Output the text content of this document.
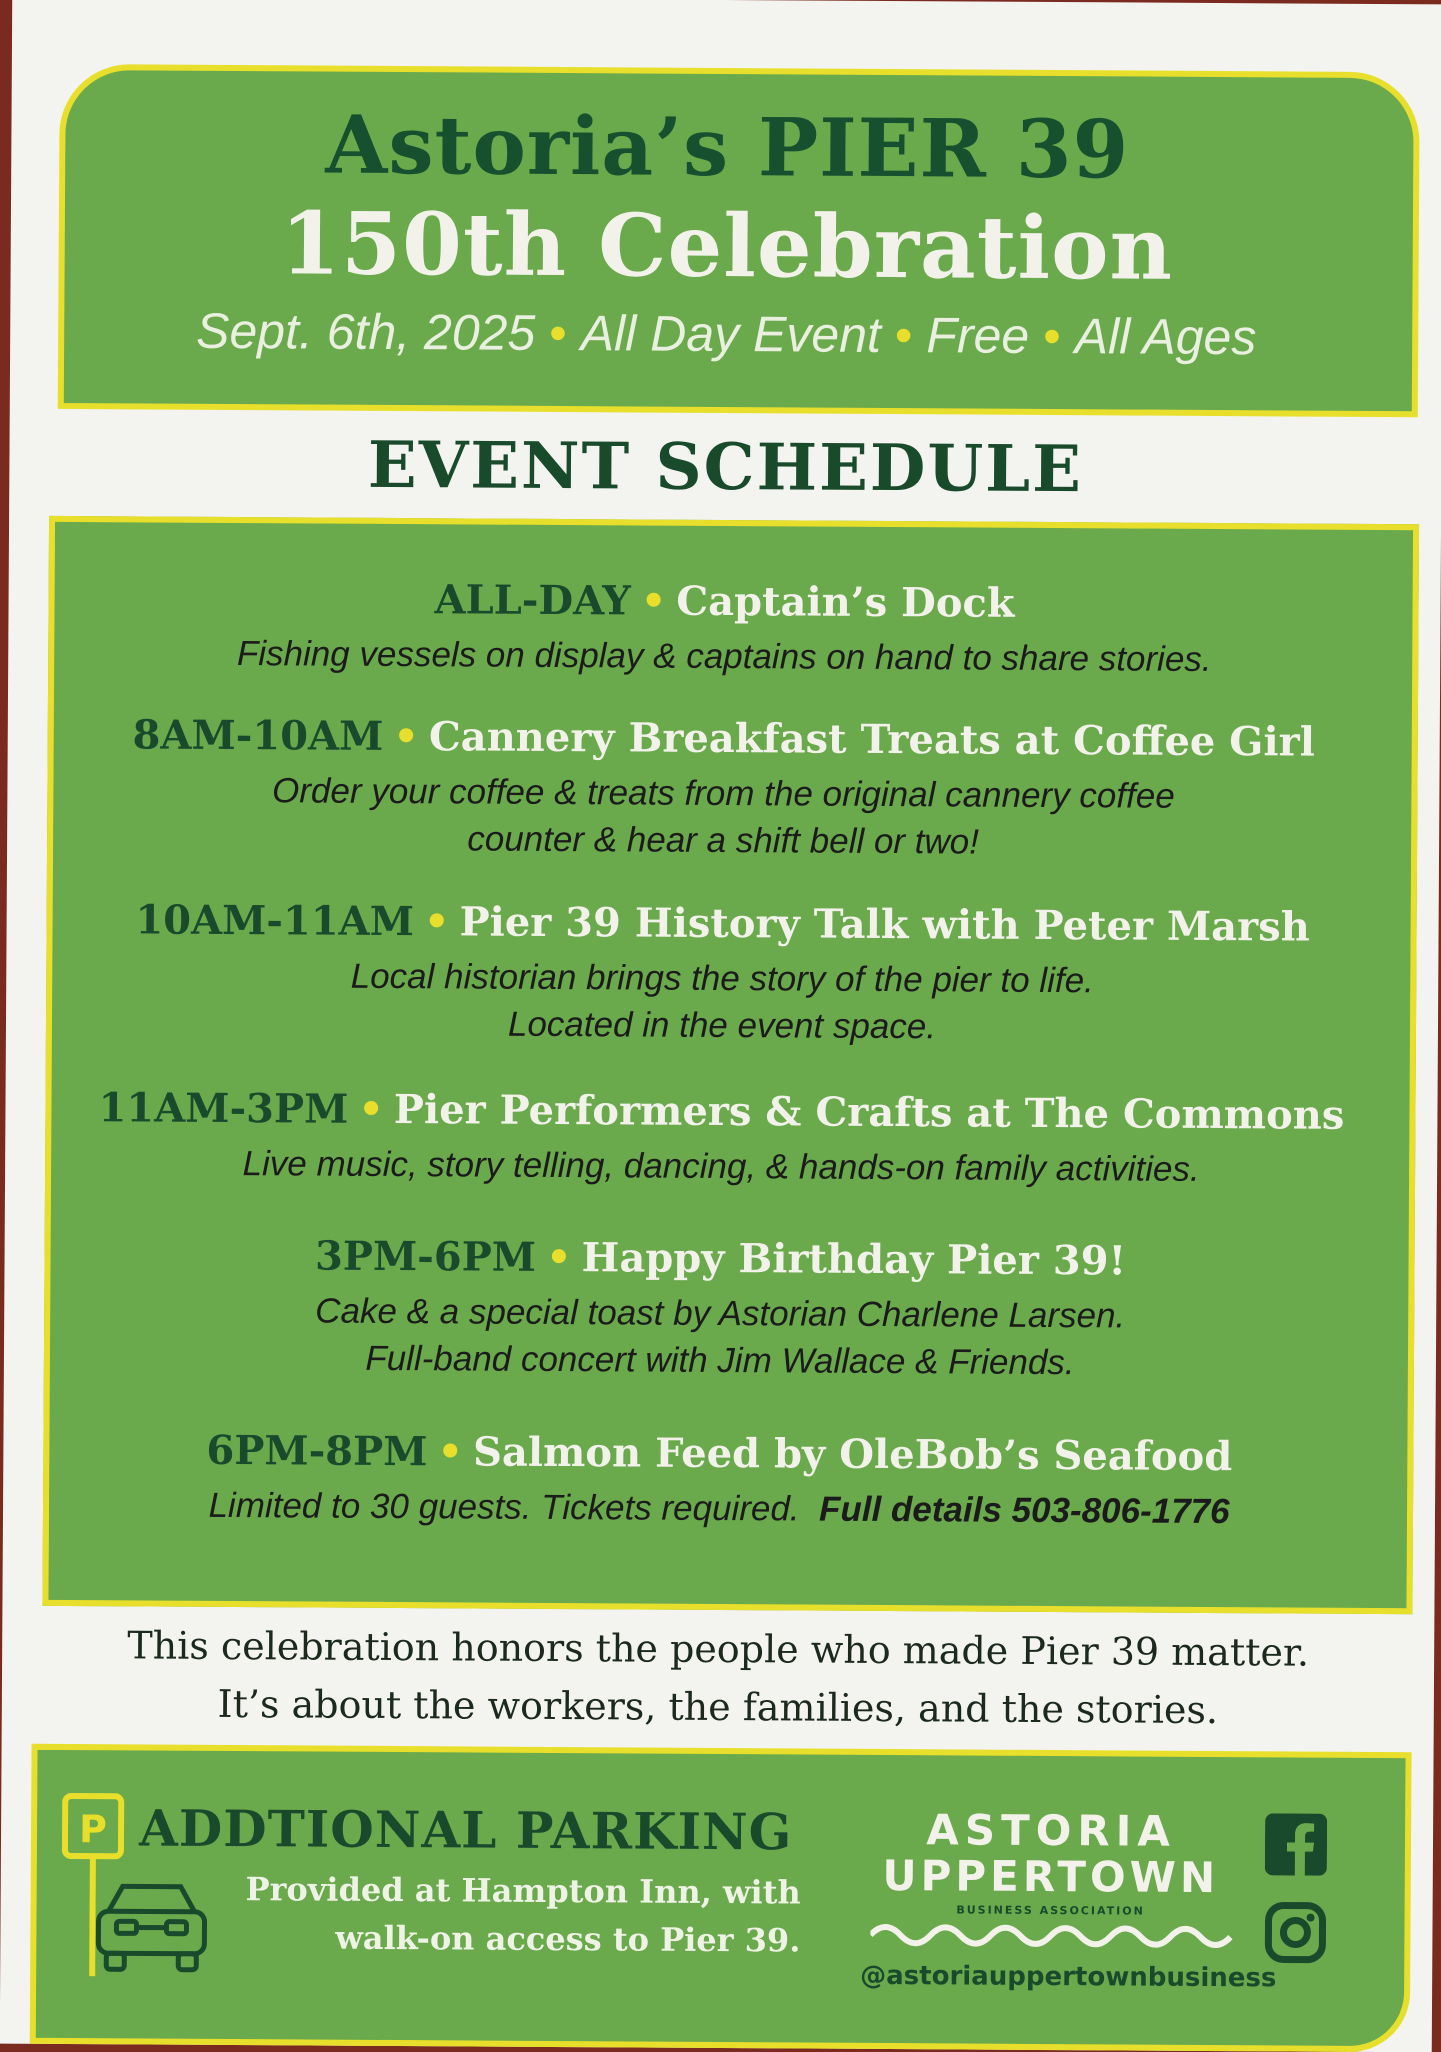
Astoria’s PIER 39
150th Celebration
Sept. 6th, 2025 • All Day Event • Free • All Ages
EVENT SCHEDULE
ALL-DAY • Captain’s Dock
Fishing vessels on display & captains on hand to share stories.
8AM-10AM • Cannery Breakfast Treats at Coffee Girl
Order your coffee & treats from the original cannery coffee
counter & hear a shift bell or two!
10AM-11AM • Pier 39 History Talk with Peter Marsh
Local historian brings the story of the pier to life.
Located in the event space.
11AM-3PM • Pier Performers & Crafts at The Commons
Live music, story telling, dancing, & hands-on family activities.
3PM-6PM • Happy Birthday Pier 39!
Cake & a special toast by Astorian Charlene Larsen.
Full-band concert with Jim Wallace & Friends.
6PM-8PM • Salmon Feed by OleBob’s Seafood
Limited to 30 guests. Tickets required. Full details 503-806-1776
This celebration honors the people who made Pier 39 matter.
It’s about the workers, the families, and the stories.
P ADDTIONAL PARKING
Provided at Hampton Inn, with
walk-on access to Pier 39.
ASTORIA
UPPERTOWN
BUSINESS ASSOCIATION
@astoriauppertownbusiness
